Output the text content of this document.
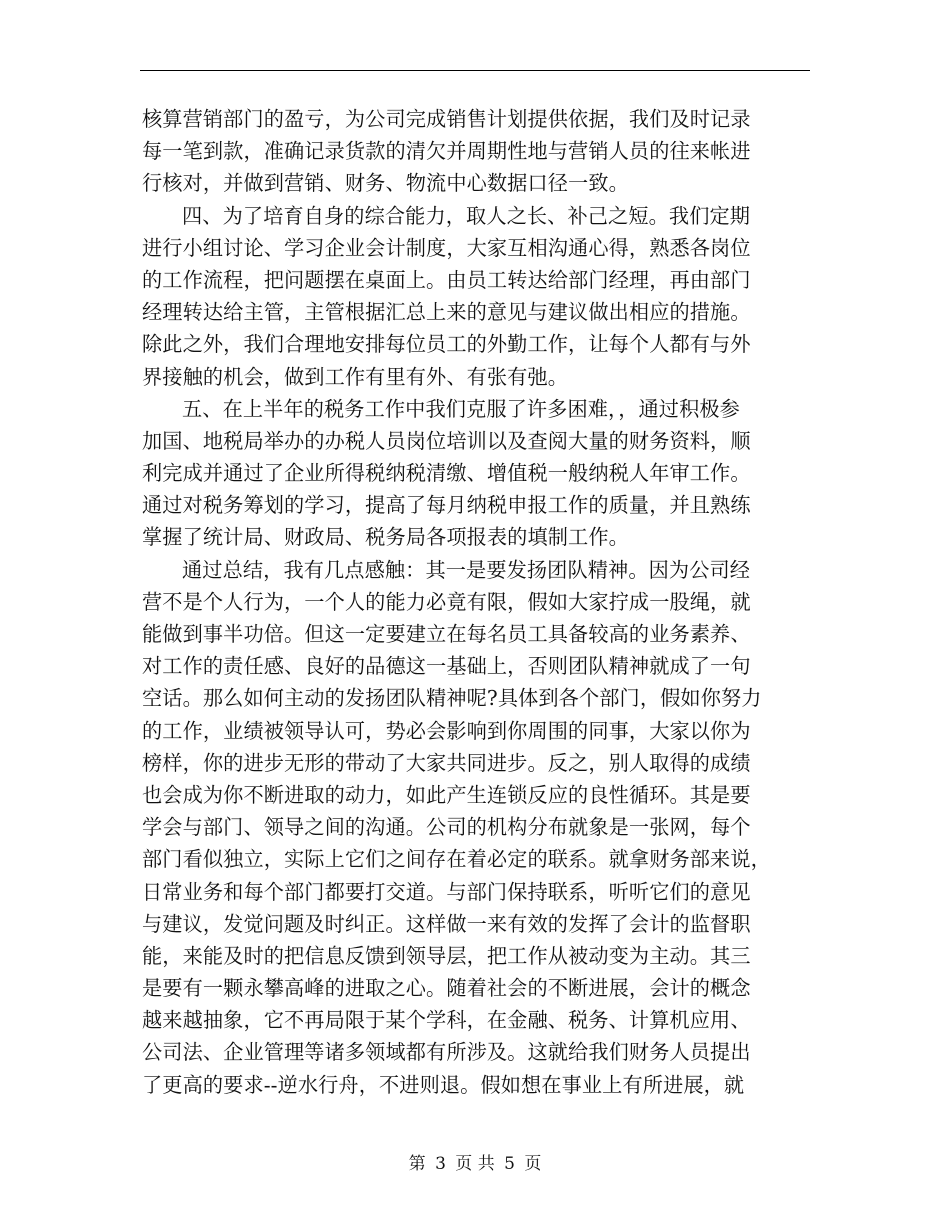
核算营销部门的盈亏，为公司完成销售计划提供依据，我们及时记录
每一笔到款，准确记录货款的清欠并周期性地与营销人员的往来帐进
行核对，并做到营销、财务、物流中心数据口径一致。
四、为了培育自身的综合能力，取人之长、补己之短。我们定期
进行小组讨论、学习企业会计制度，大家互相沟通心得，熟悉各岗位
的工作流程，把问题摆在桌面上。由员工转达给部门经理，再由部门
经理转达给主管，主管根据汇总上来的意见与建议做出相应的措施。
除此之外，我们合理地安排每位员工的外勤工作，让每个人都有与外
界接触的机会，做到工作有里有外、有张有弛。
五、在上半年的税务工作中我们克服了许多困难，，通过积极参
加国、地税局举办的办税人员岗位培训以及查阅大量的财务资料，顺
利完成并通过了企业所得税纳税清缴、增值税一般纳税人年审工作。
通过对税务筹划的学习，提高了每月纳税申报工作的质量，并且熟练
掌握了统计局、财政局、税务局各项报表的填制工作。
通过总结，我有几点感触：其一是要发扬团队精神。因为公司经
营不是个人行为，一个人的能力必竟有限，假如大家拧成一股绳，就
能做到事半功倍。但这一定要建立在每名员工具备较高的业务素养、
对工作的责任感、良好的品德这一基础上，否则团队精神就成了一句
空话。那么如何主动的发扬团队精神呢?具体到各个部门，假如你努力
的工作，业绩被领导认可，势必会影响到你周围的同事，大家以你为
榜样，你的进步无形的带动了大家共同进步。反之，别人取得的成绩
也会成为你不断进取的动力，如此产生连锁反应的良性循环。其是要
学会与部门、领导之间的沟通。公司的机构分布就象是一张网，每个
部门看似独立，实际上它们之间存在着必定的联系。就拿财务部来说，
日常业务和每个部门都要打交道。与部门保持联系，听听它们的意见
与建议，发觉问题及时纠正。这样做一来有效的发挥了会计的监督职
能，来能及时的把信息反馈到领导层，把工作从被动变为主动。其三
是要有一颗永攀高峰的进取之心。随着社会的不断进展，会计的概念
越来越抽象，它不再局限于某个学科，在金融、税务、计算机应用、
公司法、企业管理等诸多领域都有所涉及。这就给我们财务人员提出
了更高的要求--逆水行舟，不进则退。假如想在事业上有所进展，就
第 3 页 共 5 页
